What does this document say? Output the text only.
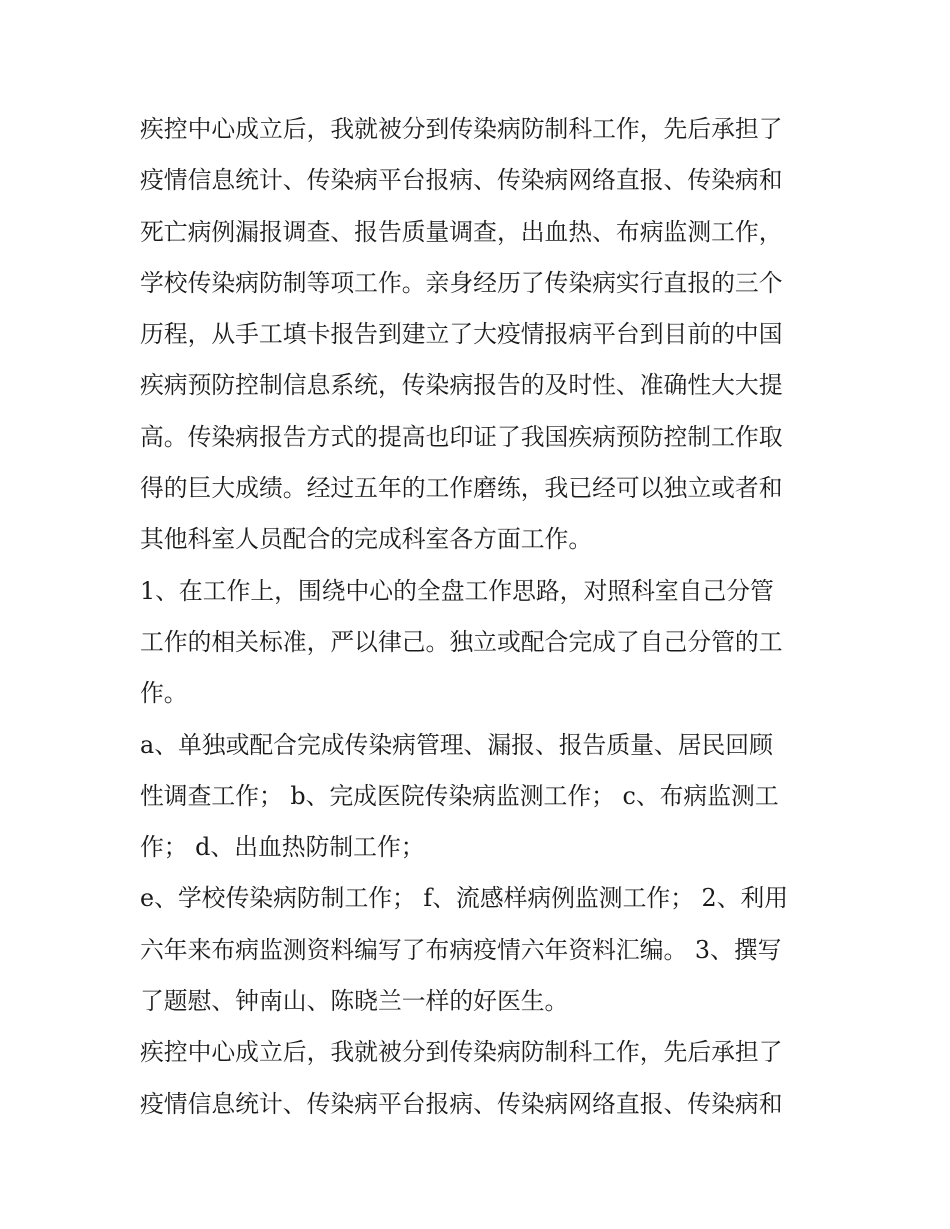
疾控中心成立后，我就被分到传染病防制科工作，先后承担了
疫情信息统计、传染病平台报病、传染病网络直报、传染病和
死亡病例漏报调查、报告质量调查，出血热、布病监测工作，
学校传染病防制等项工作。亲身经历了传染病实行直报的三个
历程，从手工填卡报告到建立了大疫情报病平台到目前的中国
疾病预防控制信息系统，传染病报告的及时性、准确性大大提
高。传染病报告方式的提高也印证了我国疾病预防控制工作取
得的巨大成绩。经过五年的工作磨练，我已经可以独立或者和
其他科室人员配合的完成科室各方面工作。
1、在工作上，围绕中心的全盘工作思路，对照科室自己分管
工作的相关标准，严以律己。独立或配合完成了自己分管的工
作。
a、单独或配合完成传染病管理、漏报、报告质量、居民回顾
性调查工作； b、完成医院传染病监测工作； c、布病监测工
作； d、出血热防制工作；
e、学校传染病防制工作； f、流感样病例监测工作； 2、利用
六年来布病监测资料编写了布病疫情六年资料汇编。 3、撰写
了题慰、钟南山、陈晓兰一样的好医生。
疾控中心成立后，我就被分到传染病防制科工作，先后承担了
疫情信息统计、传染病平台报病、传染病网络直报、传染病和
